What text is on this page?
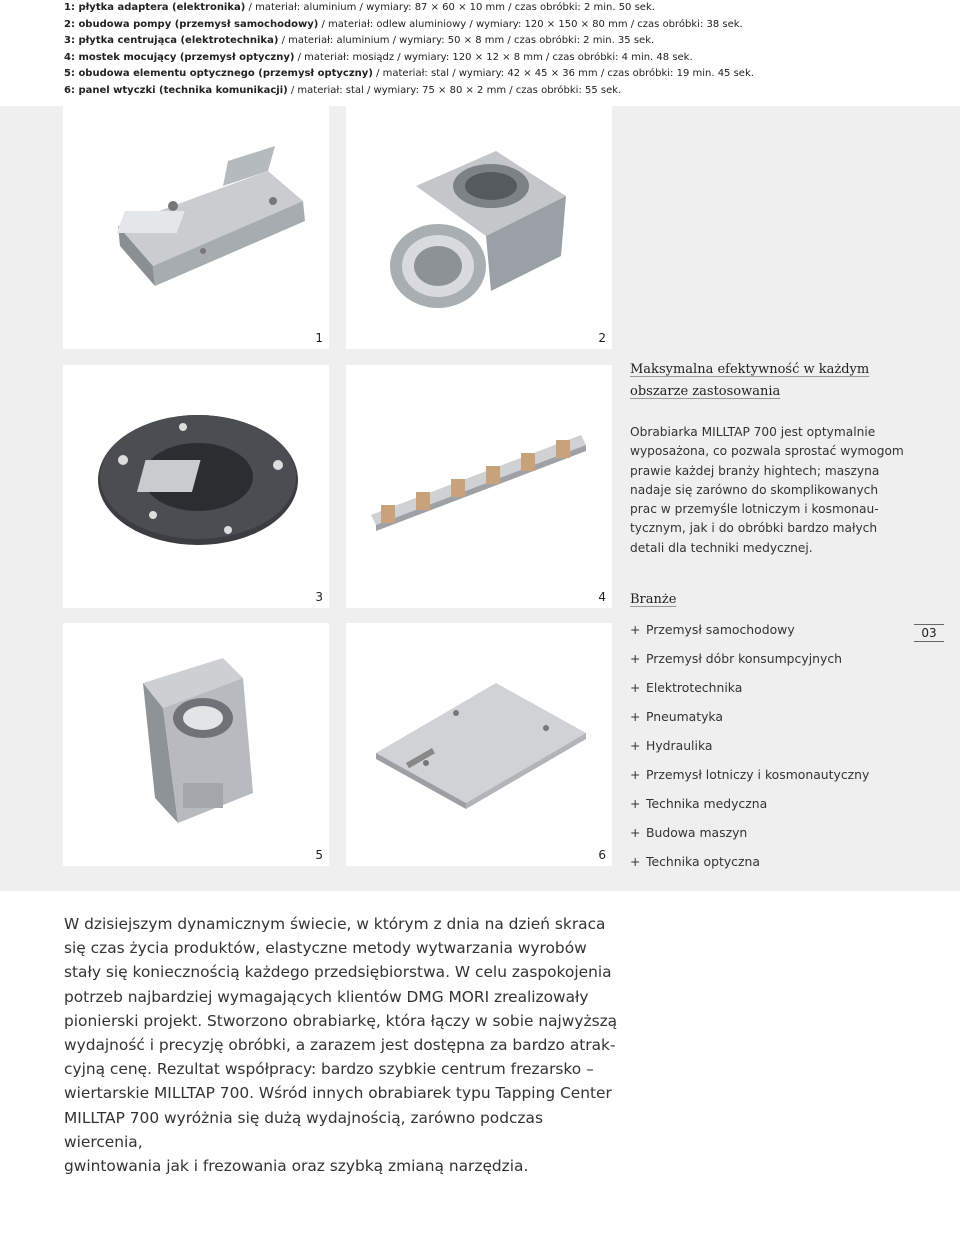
1: płytka adaptera (elektronika) / materiał: aluminium / wymiary: 87 × 60 × 10 mm / czas obróbki: 2 min. 50 sek.
2: obudowa pompy (przemysł samochodowy) / materiał: odlew aluminiowy / wymiary: 120 × 150 × 80 mm / czas obróbki: 38 sek.
3: płytka centrująca (elektrotechnika) / materiał: aluminium / wymiary: 50 × 8 mm / czas obróbki: 2 min. 35 sek.
4: mostek mocujący (przemysł optyczny) / materiał: mosiądz / wymiary: 120 × 12 × 8 mm / czas obróbki: 4 min. 48 sek.
5: obudowa elementu optycznego (przemysł optyczny) / materiał: stal / wymiary: 42 × 45 × 36 mm / czas obróbki: 19 min. 45 sek.
6: panel wtyczki (technika komunikacji) / materiał: stal / wymiary: 75 × 80 × 2 mm / czas obróbki: 55 sek.
1	2
3	4
5	6

Maksymalna efektywność w każdym
obszarze zastosowania

Obrabiarka MILLTAP 700 jest optymalnie
wyposażona, co pozwala sprostać wymogom
prawie każdej branży hightech; maszyna
nadaje się zarówno do skomplikowanych
prac w przemyśle lotniczym i kosmonau-
tycznym, jak i do obróbki bardzo małych
detali dla techniki medycznej.

Branże

+ Przemysł samochodowy
+ Przemysł dóbr konsumpcyjnych
+ Elektrotechnika
+ Pneumatyka
+ Hydraulika
+ Przemysł lotniczy i kosmonautyczny
+ Technika medyczna
+ Budowa maszyn
+ Technika optyczna
03

W dzisiejszym dynamicznym świecie, w którym z dnia na dzień skraca
się czas życia produktów, elastyczne metody wytwarzania wyrobów
stały się koniecznością każdego przedsiębiorstwa. W celu zaspokojenia
potrzeb najbardziej wymagających klientów DMG MORI zrealizowały
pionierski projekt. Stworzono obrabiarkę, która łączy w sobie najwyższą
wydajność i precyzję obróbki, a zarazem jest dostępna za bardzo atrak-
cyjną cenę. Rezultat współpracy: bardzo szybkie centrum frezarsko –
wiertarskie MILLTAP 700. Wśród innych obrabiarek typu Tapping Center
MILLTAP 700 wyróżnia się dużą wydajnością, zarówno podczas wiercenia,
gwintowania jak i frezowania oraz szybką zmianą narzędzia.
